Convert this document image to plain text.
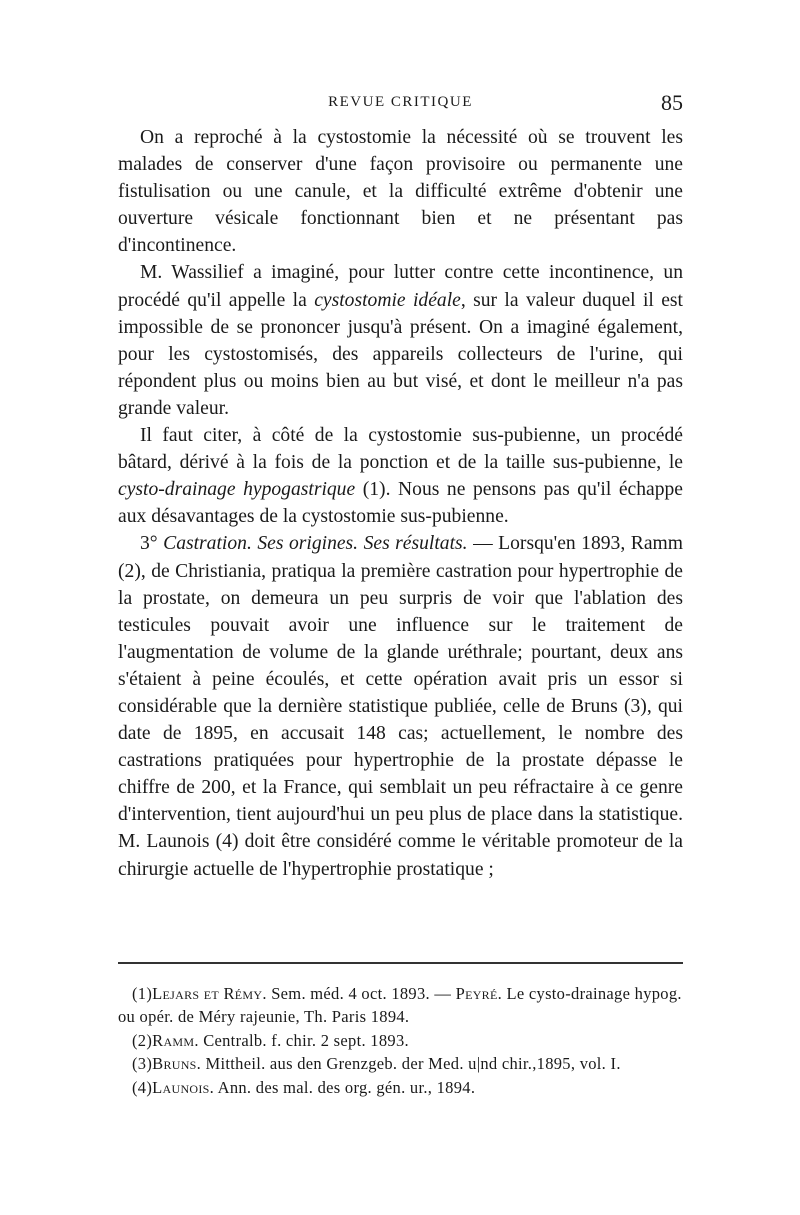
REVUE CRITIQUE	85

On a reproché à la cystostomie la nécessité où se trouvent les malades de conserver d'une façon provisoire ou permanente une fistulisation ou une canule, et la difficulté extrême d'obtenir une ouverture vésicale fonctionnant bien et ne présentant pas d'incontinence.

M. Wassilief a imaginé, pour lutter contre cette incontinence, un procédé qu'il appelle la cystostomie idéale, sur la valeur duquel il est impossible de se prononcer jusqu'à présent. On a imaginé également, pour les cystostomisés, des appareils collecteurs de l'urine, qui répondent plus ou moins bien au but visé, et dont le meilleur n'a pas grande valeur.

Il faut citer, à côté de la cystostomie sus-pubienne, un procédé bâtard, dérivé à la fois de la ponction et de la taille sus-pubienne, le cysto-drainage hypogastrique (1). Nous ne pensons pas qu'il échappe aux désavantages de la cystostomie sus-pubienne.

3° Castration. Ses origines. Ses résultats. — Lorsqu'en 1893, Ramm (2), de Christiania, pratiqua la première castration pour hypertrophie de la prostate, on demeura un peu surpris de voir que l'ablation des testicules pouvait avoir une influence sur le traitement de l'augmentation de volume de la glande uréthrale; pourtant, deux ans s'étaient à peine écoulés, et cette opération avait pris un essor si considérable que la dernière statistique publiée, celle de Bruns (3), qui date de 1895, en accusait 148 cas; actuellement, le nombre des castrations pratiquées pour hypertrophie de la prostate dépasse le chiffre de 200, et la France, qui semblait un peu réfractaire à ce genre d'intervention, tient aujourd'hui un peu plus de place dans la statistique. M. Launois (4) doit être considéré comme le véritable promoteur de la chirurgie actuelle de l'hypertrophie prostatique ;

(1)Lejars et Rémy. Sem. méd. 4 oct. 1893. — Peyré. Le cysto-drainage hypog. ou opér. de Méry rajeunie, Th. Paris 1894.

(2)Ramm. Centralb. f. chir. 2 sept. 1893.

(3)Bruns. Mittheil. aus den Grenzgeb. der Med. u|nd chir.,1895, vol. I.

(4)Launois. Ann. des mal. des org. gén. ur., 1894.
